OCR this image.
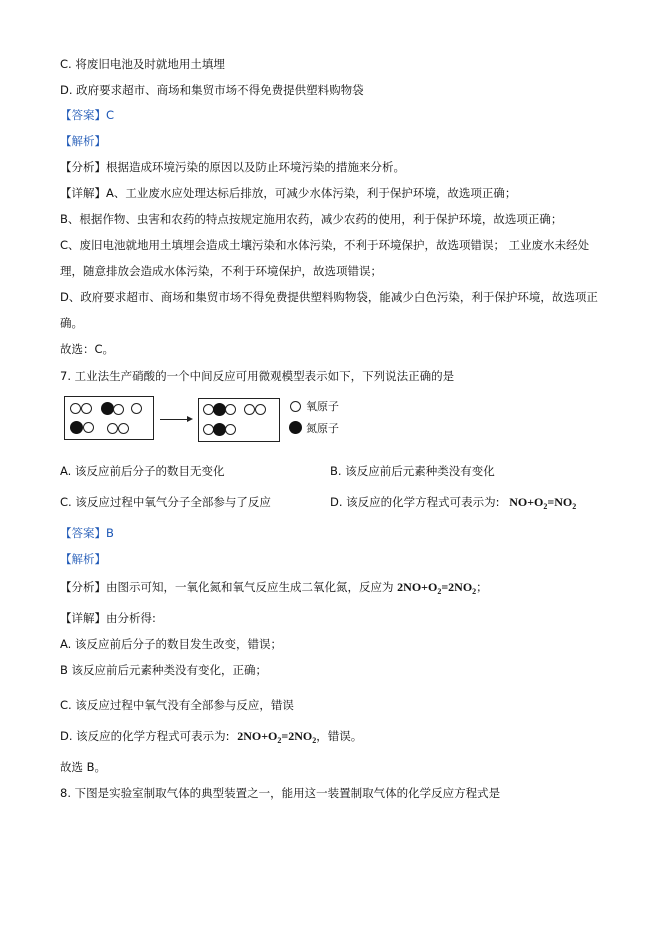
C. 将废旧电池及时就地用土填埋
D. 政府要求超市、商场和集贸市场不得免费提供塑料购物袋
【答案】C
【解析】
【分析】根据造成环境污染的原因以及防止环境污染的措施来分析。
【详解】A、工业废水应处理达标后排放，可减少水体污染，利于保护环境，故选项正确；
B、根据作物、虫害和农药的特点按规定施用农药，减少农药的使用，利于保护环境，故选项正确；
C、废旧电池就地用土填埋会造成土壤污染和水体污染，不利于环境保护，故选项错误； 工业废水未经处
理，随意排放会造成水体污染，不利于环境保护，故选项错误；
D、政府要求超市、商场和集贸市场不得免费提供塑料购物袋，能减少白色污染，利于保护环境，故选项正
确。
故选：C。
7. 工业法生产硝酸的一个中间反应可用微观模型表示如下，下列说法正确的是
氧原子
氮原子
A. 该反应前后分子的数目无变化	B. 该反应前后元素种类没有变化
C. 该反应过程中氧气分子全部参与了反应	D. 该反应的化学方程式可表示为: $NO+O_2=NO_2$
【答案】B
【解析】
【分析】由图示可知，一氧化氮和氧气反应生成二氧化氮，反应为 $2NO+O_2=2NO_2$；
【详解】由分析得:
A. 该反应前后分子的数目发生改变，错误；
B 该反应前后元素种类没有变化，正确；
C. 该反应过程中氧气没有全部参与反应，错误
D. 该反应的化学方程式可表示为: $2NO+O_2=2NO_2$，错误。
故选 B。
8. 下图是实验室制取气体的典型装置之一，能用这一装置制取气体的化学反应方程式是
